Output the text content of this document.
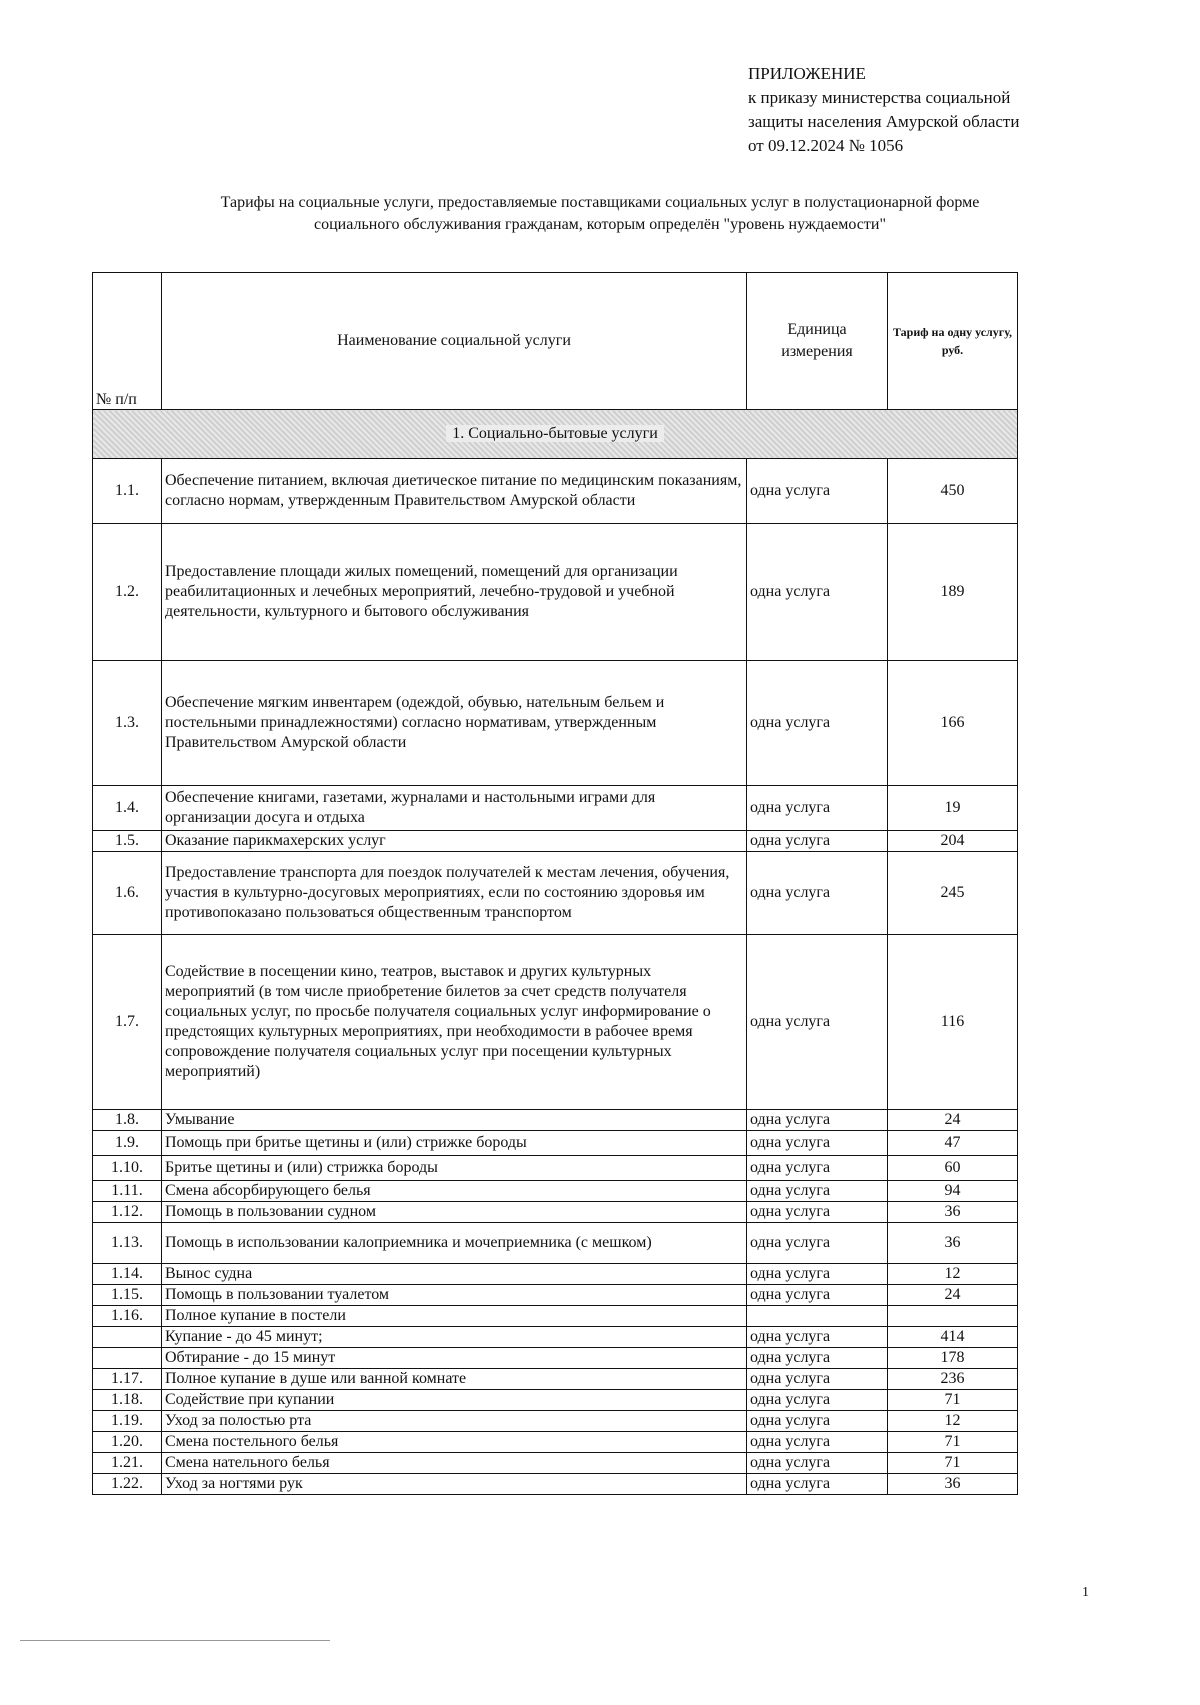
ПРИЛОЖЕНИЕ
к приказу министерства социальной
защиты населения Амурской области
от 09.12.2024 № 1056
Тарифы на социальные услуги, предоставляемые поставщиками социальных услуг в полустационарной форме
социального обслуживания гражданам, которым определён "уровень нуждаемости"
№ п/п	Наименование социальной услуги	Единица измерения	Тариф на одну услугу, руб.
1. Социально-бытовые услуги			
1.1.	Обеспечение питанием, включая диетическое питание по медицинским показаниям, согласно нормам, утвержденным Правительством Амурской области	одна услуга	450
1.2.	Предоставление площади жилых помещений, помещений для организации реабилитационных и лечебных мероприятий, лечебно-трудовой и учебной деятельности, культурного и бытового обслуживания	одна услуга	189
1.3.	Обеспечение мягким инвентарем (одеждой, обувью, нательным бельем и постельными принадлежностями) согласно нормативам, утвержденным Правительством Амурской области	одна услуга	166
1.4.	Обеспечение книгами, газетами, журналами и настольными играми для организации досуга и отдыха	одна услуга	19
1.5.	Оказание парикмахерских услуг	одна услуга	204
1.6.	Предоставление транспорта для поездок получателей к местам лечения, обучения, участия в культурно-досуговых мероприятиях, если по состоянию здоровья им противопоказано пользоваться общественным транспортом	одна услуга	245
1.7.	Содействие в посещении кино, театров, выставок и других культурных мероприятий (в том числе приобретение билетов за счет средств получателя социальных услуг, по просьбе получателя социальных услуг информирование о предстоящих культурных мероприятиях, при необходимости в рабочее время сопровождение получателя социальных услуг при посещении культурных мероприятий)	одна услуга	116
1.8.	Умывание	одна услуга	24
1.9.	Помощь при бритье щетины и (или) стрижке бороды	одна услуга	47
1.10.	Бритье щетины и (или) стрижка бороды	одна услуга	60
1.11.	Смена абсорбирующего белья	одна услуга	94
1.12.	Помощь в пользовании судном	одна услуга	36
1.13.	Помощь в использовании калоприемника и мочеприемника (с мешком)	одна услуга	36
1.14.	Вынос судна	одна услуга	12
1.15.	Помощь в пользовании туалетом	одна услуга	24
1.16.	Полное купание в постели		
	Купание - до 45 минут;	одна услуга	414
	Обтирание - до 15 минут	одна услуга	178
1.17.	Полное купание в душе или ванной комнате	одна услуга	236
1.18.	Содействие при купании	одна услуга	71
1.19.	Уход за полостью рта	одна услуга	12
1.20.	Смена постельного белья	одна услуга	71
1.21.	Смена нательного белья	одна услуга	71
1.22.	Уход за ногтями рук	одна услуга	36
1
